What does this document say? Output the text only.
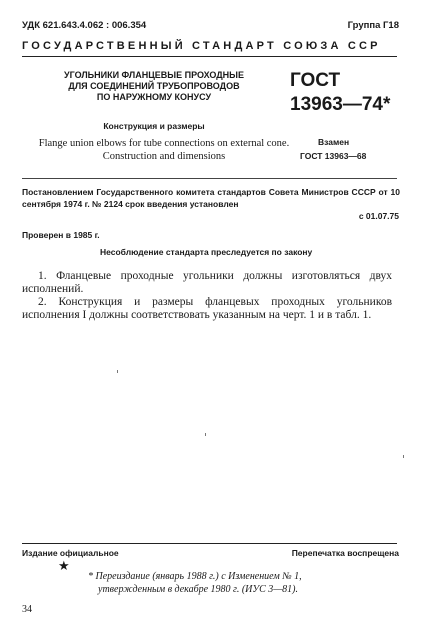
УДК 621.643.4.062 : 006.354	Группа Г18
ГОСУДАРСТВЕННЫЙ СТАНДАРТ СОЮЗА ССР
УГОЛЬНИКИ ФЛАНЦЕВЫЕ ПРОХОДНЫЕ
ДЛЯ СОЕДИНЕНИЙ ТРУБОПРОВОДОВ
ПО НАРУЖНОМУ КОНУСУ
ГОСТ
13963—74*
Конструкция и размеры
Flange union elbows for tube connections on external cone.
Construction and dimensions
Взамен
ГОСТ 13963—68
Постановлением Государственного комитета стандартов Совета Министров СССР от 10 сентября 1974 г. № 2124 срок введения установлен
с 01.07.75
Проверен в 1985 г.
Несоблюдение стандарта преследуется по закону
1. Фланцевые проходные угольники должны изготовляться двух исполнений.
2. Конструкция и размеры фланцевых проходных угольников исполнения I должны соответствовать указанным на черт. 1 и в табл. 1.
Издание официальное	Перепечатка воспрещена
★
* Переиздание (январь 1988 г.) с Изменением № 1,
утвержденным в декабре 1980 г. (ИУС 3—81).
34
